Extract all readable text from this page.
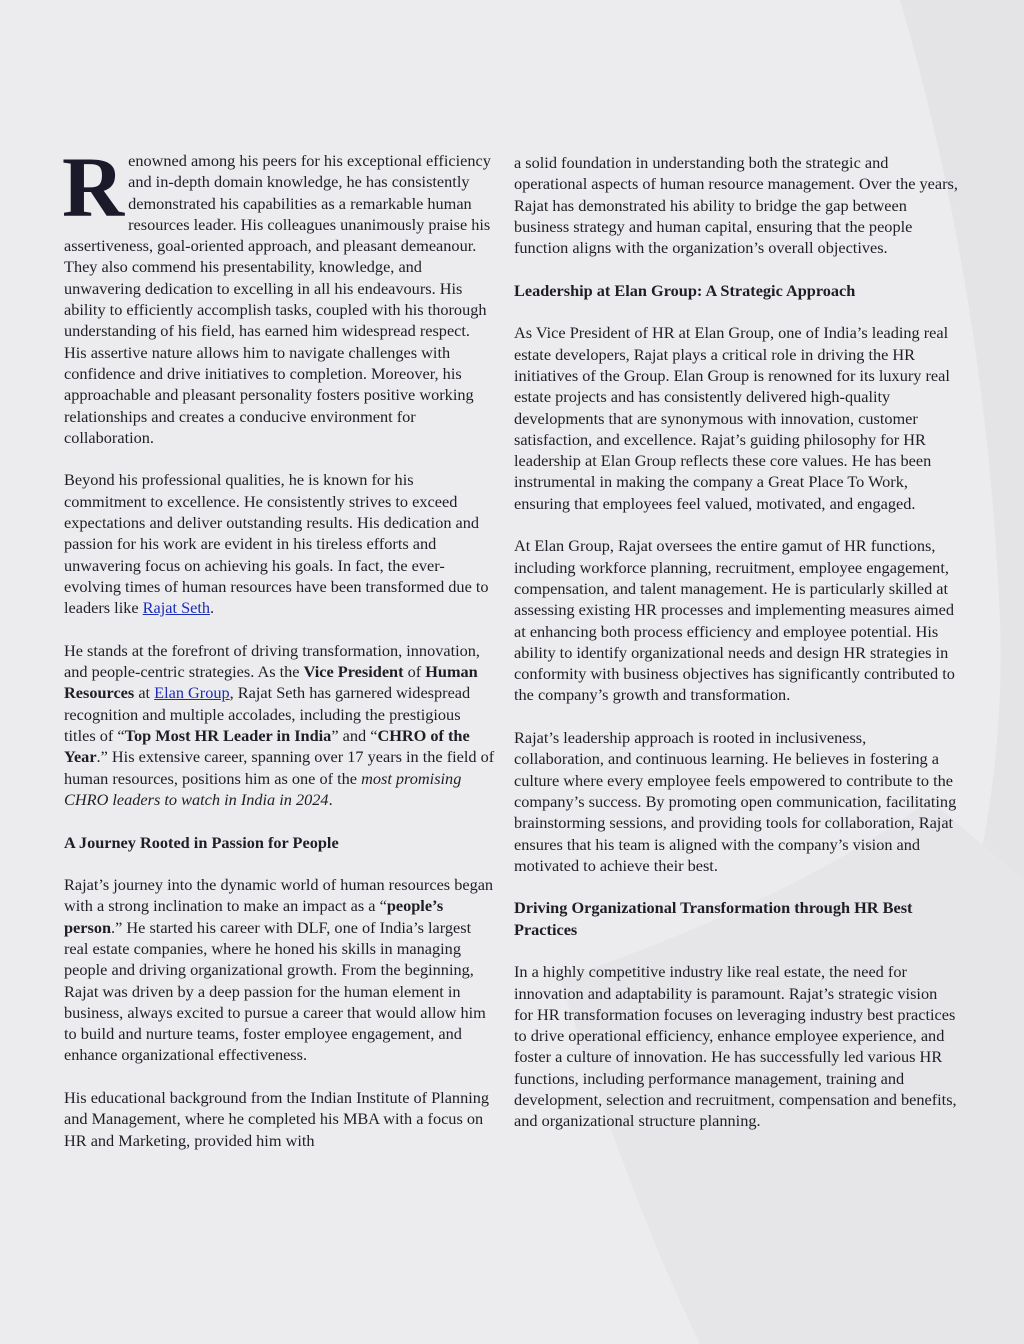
Renowned among his peers for his exceptional efficiency and in-depth domain knowledge, he has consistently demonstrated his capabilities as a remarkable human resources leader. His colleagues unanimously praise his assertiveness, goal-oriented approach, and pleasant demeanour. They also commend his presentability, knowledge, and unwavering dedication to excelling in all his endeavours. His ability to efficiently accomplish tasks, coupled with his thorough understanding of his field, has earned him widespread respect. His assertive nature allows him to navigate challenges with confidence and drive initiatives to completion. Moreover, his approachable and pleasant personality fosters positive working relationships and creates a conducive environment for collaboration.

Beyond his professional qualities, he is known for his commitment to excellence. He consistently strives to exceed expectations and deliver outstanding results. His dedication and passion for his work are evident in his tireless efforts and unwavering focus on achieving his goals. In fact, the ever-evolving times of human resources have been transformed due to leaders like Rajat Seth.

He stands at the forefront of driving transformation, innovation, and people-centric strategies. As the Vice President of Human Resources at Elan Group, Rajat Seth has garnered widespread recognition and multiple accolades, including the prestigious titles of “Top Most HR Leader in India” and “CHRO of the Year.” His extensive career, spanning over 17 years in the field of human resources, positions him as one of the most promising CHRO leaders to watch in India in 2024.

A Journey Rooted in Passion for People

Rajat’s journey into the dynamic world of human resources began with a strong inclination to make an impact as a “people’s person.” He started his career with DLF, one of India’s largest real estate companies, where he honed his skills in managing people and driving organizational growth. From the beginning, Rajat was driven by a deep passion for the human element in business, always excited to pursue a career that would allow him to build and nurture teams, foster employee engagement, and enhance organizational effectiveness.

His educational background from the Indian Institute of Planning and Management, where he completed his MBA with a focus on HR and Marketing, provided him with

a solid foundation in understanding both the strategic and operational aspects of human resource management. Over the years, Rajat has demonstrated his ability to bridge the gap between business strategy and human capital, ensuring that the people function aligns with the organization’s overall objectives.

Leadership at Elan Group: A Strategic Approach

As Vice President of HR at Elan Group, one of India’s leading real estate developers, Rajat plays a critical role in driving the HR initiatives of the Group. Elan Group is renowned for its luxury real estate projects and has consistently delivered high-quality developments that are synonymous with innovation, customer satisfaction, and excellence. Rajat’s guiding philosophy for HR leadership at Elan Group reflects these core values. He has been instrumental in making the company a Great Place To Work, ensuring that employees feel valued, motivated, and engaged.

At Elan Group, Rajat oversees the entire gamut of HR functions, including workforce planning, recruitment, employee engagement, compensation, and talent management. He is particularly skilled at assessing existing HR processes and implementing measures aimed at enhancing both process efficiency and employee potential. His ability to identify organizational needs and design HR strategies in conformity with business objectives has significantly contributed to the company’s growth and transformation.

Rajat’s leadership approach is rooted in inclusiveness, collaboration, and continuous learning. He believes in fostering a culture where every employee feels empowered to contribute to the company’s success. By promoting open communication, facilitating brainstorming sessions, and providing tools for collaboration, Rajat ensures that his team is aligned with the company’s vision and motivated to achieve their best.

Driving Organizational Transformation through HR Best Practices

In a highly competitive industry like real estate, the need for innovation and adaptability is paramount. Rajat’s strategic vision for HR transformation focuses on leveraging industry best practices to drive operational efficiency, enhance employee experience, and foster a culture of innovation. He has successfully led various HR functions, including performance management, training and development, selection and recruitment, compensation and benefits, and organizational structure planning.
